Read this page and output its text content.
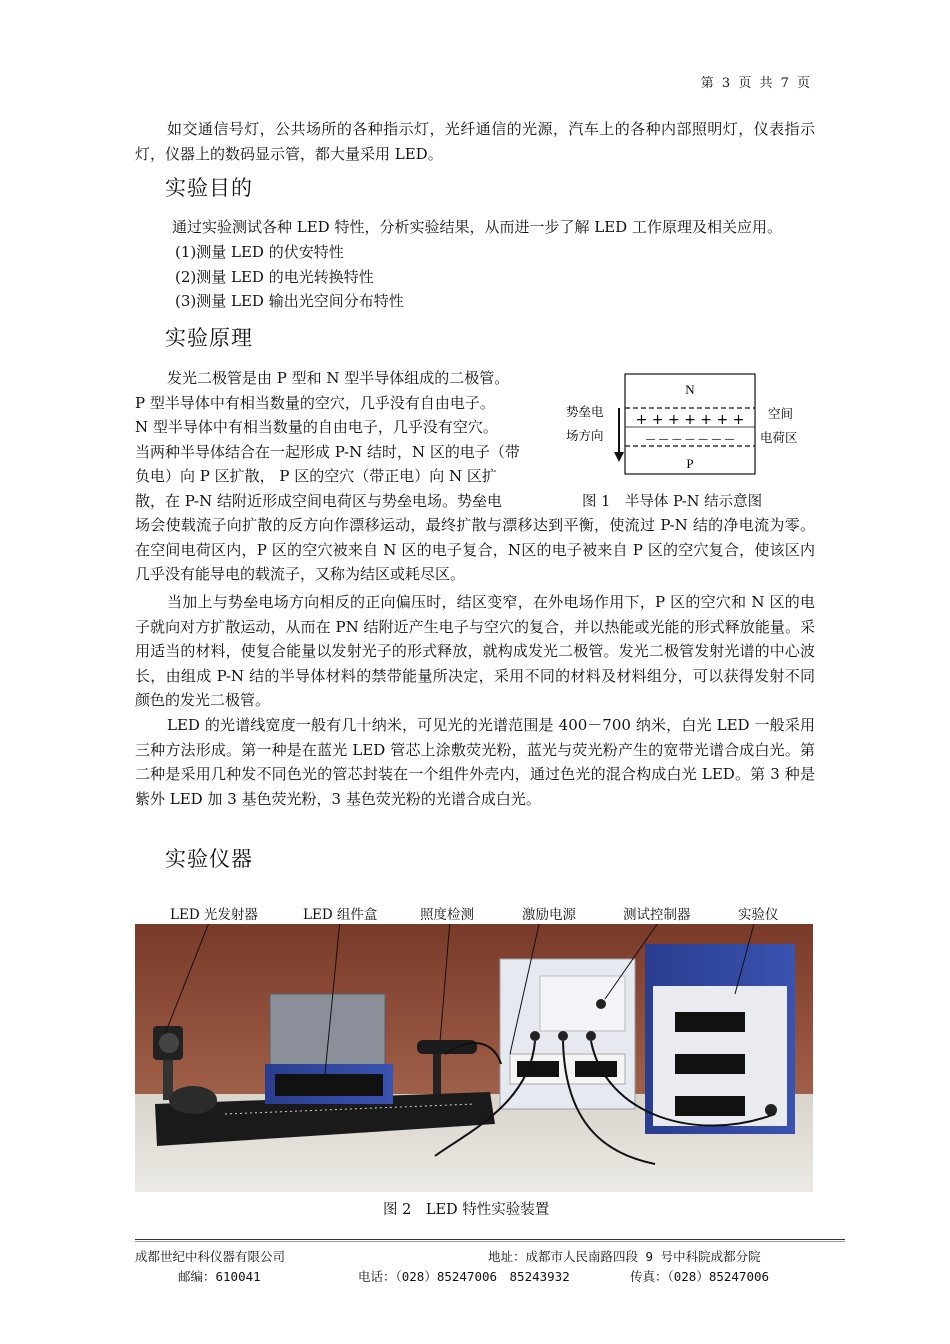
第 3 页 共 7 页
如交通信号灯，公共场所的各种指示灯，光纤通信的光源，汽车上的各种内部照明灯，仪表指示灯，仪器上的数码显示管，都大量采用 LED。
实验目的
通过实验测试各种 LED 特性，分析实验结果，从而进一步了解 LED 工作原理及相关应用。
(1)测量 LED 的伏安特性
(2)测量 LED 的电光转换特性
(3)测量 LED 输出光空间分布特性
实验原理
发光二极管是由 P 型和 N 型半导体组成的二极管。
P 型半导体中有相当数量的空穴，几乎没有自由电子。
N 型半导体中有相当数量的自由电子，几乎没有空穴。
当两种半导体结合在一起形成 P-N 结时，N 区的电子（带
负电）向 P 区扩散， P 区的空穴（带正电）向 N 区扩
散，在 P-N 结附近形成空间电荷区与势垒电场。势垒电
场会使载流子向扩散的反方向作漂移运动，最终扩散与漂移达到平衡，使流过 P-N 结的净电流为零。在空间电荷区内，P 区的空穴被来自 N 区的电子复合，N区的电子被来自 P 区的空穴复合，使该区内几乎没有能导电的载流子，又称为结区或耗尽区。
N
P
+ + + + + + +
— — — — — — —
势垒电
场方向
空间
电荷区
图 1　半导体 P-N 结示意图
当加上与势垒电场方向相反的正向偏压时，结区变窄，在外电场作用下，P 区的空穴和 N 区的电子就向对方扩散运动，从而在 PN 结附近产生电子与空穴的复合，并以热能或光能的形式释放能量。采用适当的材料，使复合能量以发射光子的形式释放，就构成发光二极管。发光二极管发射光谱的中心波长，由组成 P-N 结的半导体材料的禁带能量所决定，采用不同的材料及材料组分，可以获得发射不同颜色的发光二极管。
LED 的光谱线宽度一般有几十纳米，可见光的光谱范围是 400－700 纳米，白光 LED 一般采用三种方法形成。第一种是在蓝光 LED 管芯上涂敷荧光粉，蓝光与荧光粉产生的宽带光谱合成白光。第二种是采用几种发不同色光的管芯封装在一个组件外壳内，通过色光的混合构成白光 LED。第 3 种是紫外 LED 加 3 基色荧光粉，3 基色荧光粉的光谱合成白光。
实验仪器
LED 光发射器	LED 组件盒	照度检测	激励电源	测试控制器	实验仪
图 2　LED 特性实验装置
成都世纪中科仪器有限公司	地址：成都市人民南路四段 9 号中科院成都分院
邮编：610041	电话：（028）85247006　85243932	传真：（028）85247006
